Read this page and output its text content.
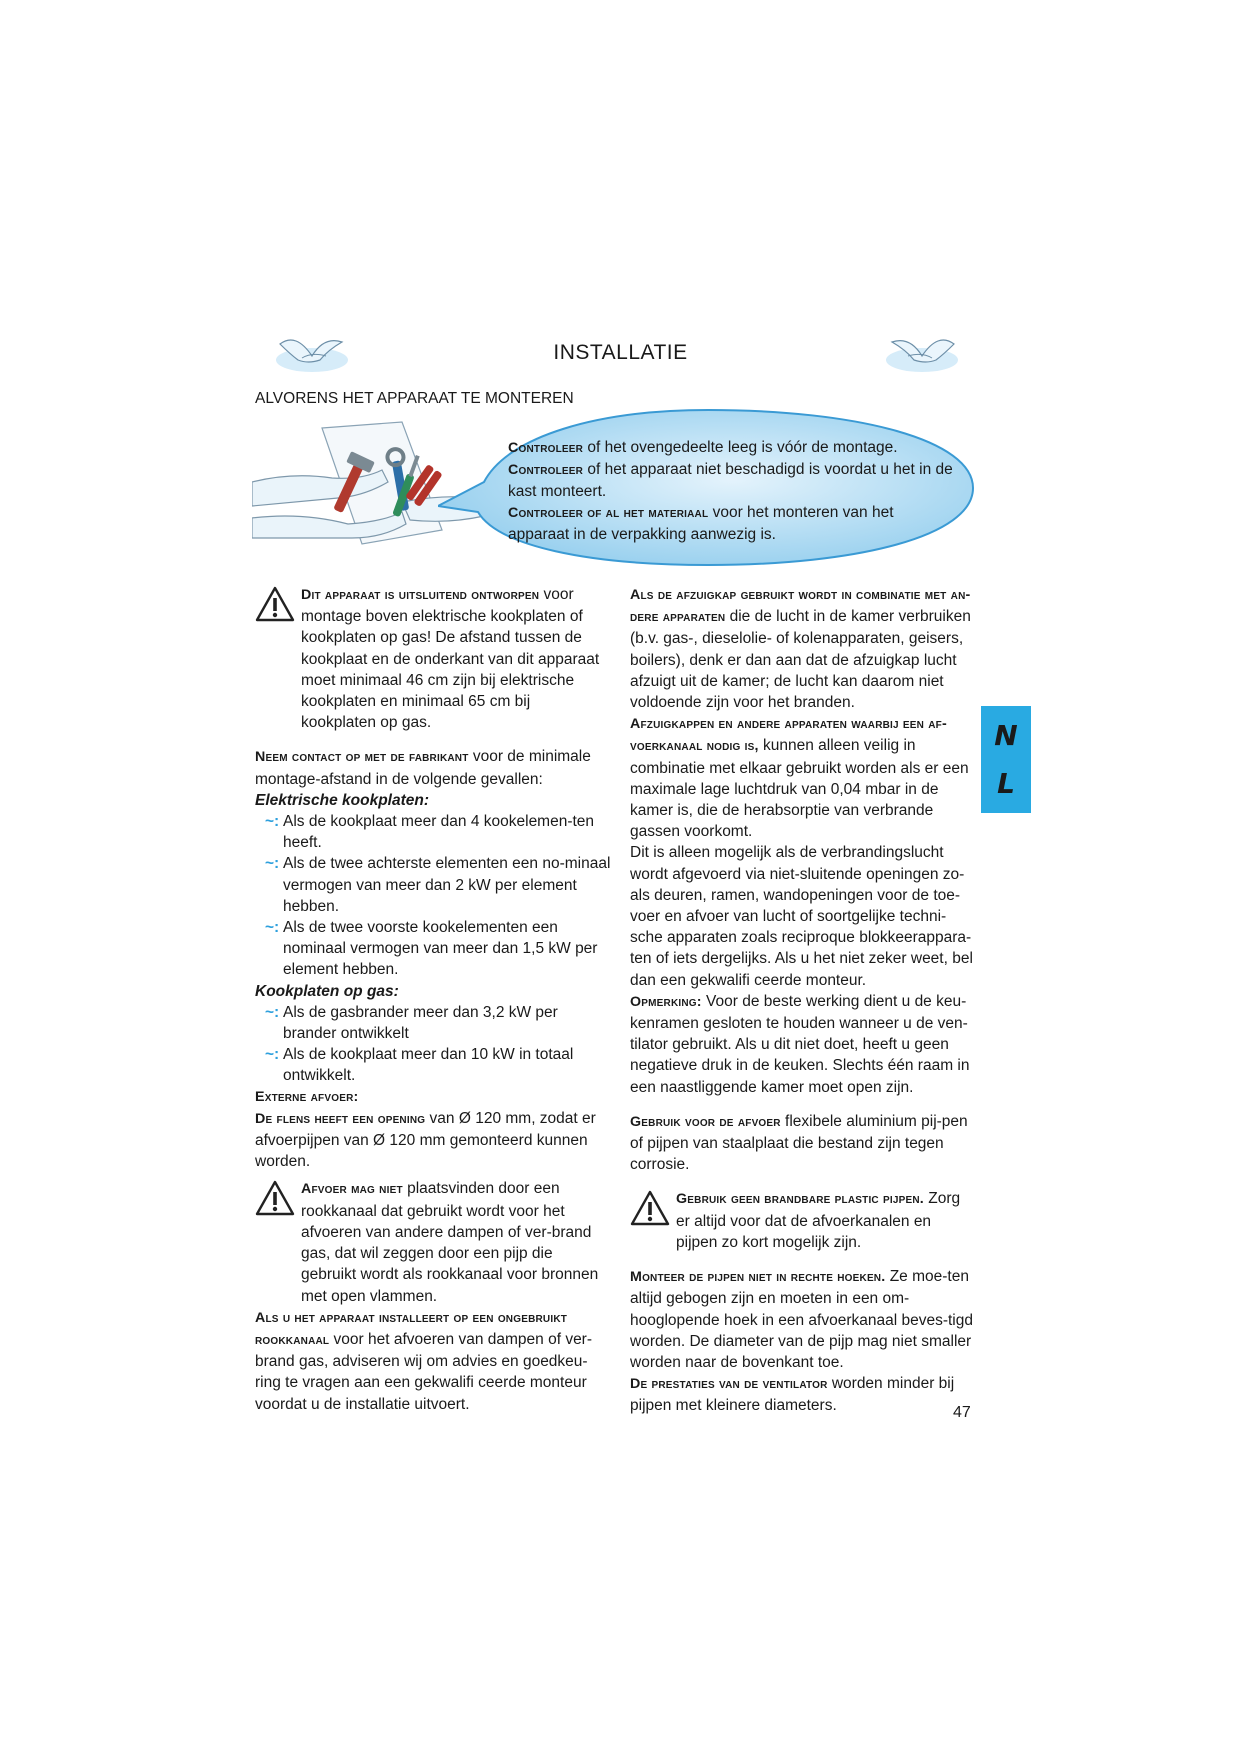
INSTALLATIE
ALVORENS HET APPARAAT TE MONTEREN
Controleer of het ovengedeelte leeg is vóór de montage.
Controleer of het apparaat niet beschadigd is voordat u het in de kast monteert.
Controleer of al het materiaal voor het monteren van het apparaat in de verpakking aanwezig is.

Dit apparaat is uitsluitend ontworpen voor montage boven elektrische kookplaten of kookplaten op gas! De afstand tussen de kookplaat en de onderkant van dit apparaat moet minimaal 46 cm zijn bij elektrische kookplaten en minimaal 65 cm bij kookplaten op gas.

Neem contact op met de fabrikant voor de minimale montage-afstand in de volgende gevallen:

Elektrische kookplaten:

~: Als de kookplaat meer dan 4 kookelemen-ten heeft.

~: Als de twee achterste elementen een no-minaal vermogen van meer dan 2 kW per element hebben.

~: Als de twee voorste kookelementen een nominaal vermogen van meer dan 1,5 kW per element hebben.

Kookplaten op gas:

~: Als de gasbrander meer dan 3,2 kW per brander ontwikkelt

~: Als de kookplaat meer dan 10 kW in totaal ontwikkelt.

Externe afvoer:

De flens heeft een opening van Ø 120 mm, zodat er afvoerpijpen van Ø 120 mm gemonteerd kunnen worden.

Afvoer mag niet plaatsvinden door een rookkanaal dat gebruikt wordt voor het afvoeren van andere dampen of ver-brand gas, dat wil zeggen door een pijp die gebruikt wordt als rookkanaal voor bronnen met open vlammen.

Als u het apparaat installeert op een ongebruikt rookkanaal voor het afvoeren van dampen of ver-brand gas, adviseren wij om advies en goedkeu-ring te vragen aan een gekwalifi ceerde monteur voordat u de installatie uitvoert.

Als de afzuigkap gebruikt wordt in combinatie met an-dere apparaten die de lucht in de kamer verbruiken (b.v. gas-, dieselolie- of kolenapparaten, geisers, boilers), denk er dan aan dat de afzuigkap lucht afzuigt uit de kamer; de lucht kan daarom niet voldoende zijn voor het branden.

Afzuigkappen en andere apparaten waarbij een af-voerkanaal nodig is, kunnen alleen veilig in combinatie met elkaar gebruikt worden als er een maximale lage luchtdruk van 0,04 mbar in de kamer is, die de herabsorptie van verbrande gassen voorkomt.

Dit is alleen mogelijk als de verbrandingslucht wordt afgevoerd via niet-sluitende openingen zo-als deuren, ramen, wandopeningen voor de toe-voer en afvoer van lucht of soortgelijke techni-sche apparaten zoals reciproque blokkeerappara-ten of iets dergelijks. Als u het niet zeker weet, bel dan een gekwalifi ceerde monteur.

Opmerking: Voor de beste werking dient u de keu-kenramen gesloten te houden wanneer u de ven-tilator gebruikt. Als u dit niet doet, heeft u geen negatieve druk in de keuken. Slechts één raam in een naastliggende kamer moet open zijn.

Gebruik voor de afvoer flexibele aluminium pij-pen of pijpen van staalplaat die bestand zijn tegen corrosie.

Gebruik geen brandbare plastic pijpen. Zorg er altijd voor dat de afvoerkanalen en pijpen zo kort mogelijk zijn.

Monteer de pijpen niet in rechte hoeken. Ze moe-ten altijd gebogen zijn en moeten in een om-hooglopende hoek in een afvoerkanaal beves-tigd worden. De diameter van de pijp mag niet smaller worden naar de bovenkant toe.

De prestaties van de ventilator worden minder bij pijpen met kleinere diameters.

N
L
47
